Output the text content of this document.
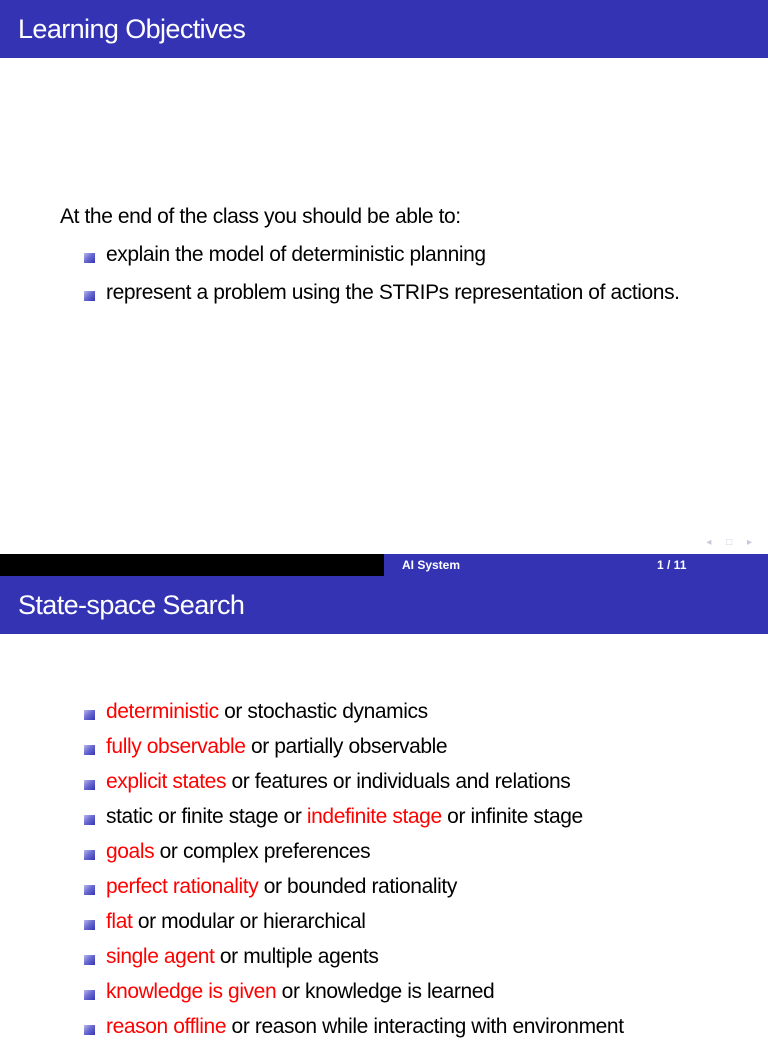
Learning Objectives
At the end of the class you should be able to:
explain the model of deterministic planning
represent a problem using the STRIPs representation of actions.
◂ □ ▸
AI System	1 / 11
State-space Search
deterministic or stochastic dynamics
fully observable or partially observable
explicit states or features or individuals and relations
static or finite stage or indefinite stage or infinite stage
goals or complex preferences
perfect rationality or bounded rationality
flat or modular or hierarchical
single agent or multiple agents
knowledge is given or knowledge is learned
reason offline or reason while interacting with environment
